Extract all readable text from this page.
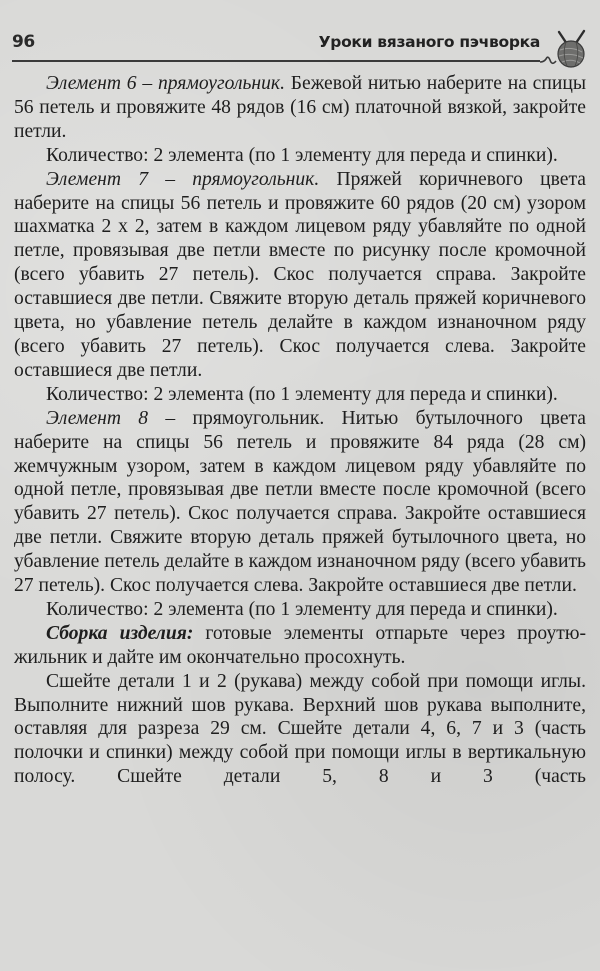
96	Уроки вязаного пэчворка

Элемент 6 – прямоугольник. Бежевой нитью наберите на спицы 56 петель и провяжите 48 рядов (16 см) платочной вязкой, закройте петли.

Количество: 2 элемента (по 1 элементу для переда и спинки).

Элемент 7 – прямоугольник. Пряжей коричневого цвета наберите на спицы 56 петель и провяжите 60 рядов (20 см) узором шахматка 2 х 2, затем в каждом лицевом ряду убавляйте по одной петле, провязывая две петли вместе по рисунку после кромочной (всего убавить 27 петель). Скос получается справа. Закройте оставшиеся две петли. Свяжите вторую деталь пряжей коричневого цвета, но убавление петель делайте в каждом изнаночном ряду (всего убавить 27 петель). Скос получается слева. Закройте оставшиеся две петли.

Количество: 2 элемента (по 1 элементу для переда и спинки).

Элемент 8 – прямоугольник. Нитью бутылочного цвета наберите на спицы 56 петель и провяжите 84 ряда (28 см) жемчужным узором, затем в каждом лицевом ряду убавляйте по одной петле, провязывая две петли вместе после кромочной (всего убавить 27 петель). Скос получается справа. Закройте оставшиеся две петли. Свяжите вторую деталь пряжей бутылочного цвета, но убавление петель делайте в каждом изнаночном ряду (всего убавить 27 петель). Скос получается слева. Закройте оставшиеся две петли.

Количество: 2 элемента (по 1 элементу для переда и спинки).

Сборка изделия: готовые элементы отпарьте через проутюжильник и дайте им окончательно просохнуть.

Сшейте детали 1 и 2 (рукава) между собой при помощи иглы. Выполните нижний шов рукава. Верхний шов рукава выполните, оставляя для разреза 29 см. Сшейте детали 4, 6, 7 и 3 (часть полочки и спинки) между собой при помощи иглы в вертикальную полосу. Сшейте детали 5, 8 и 3 (часть
